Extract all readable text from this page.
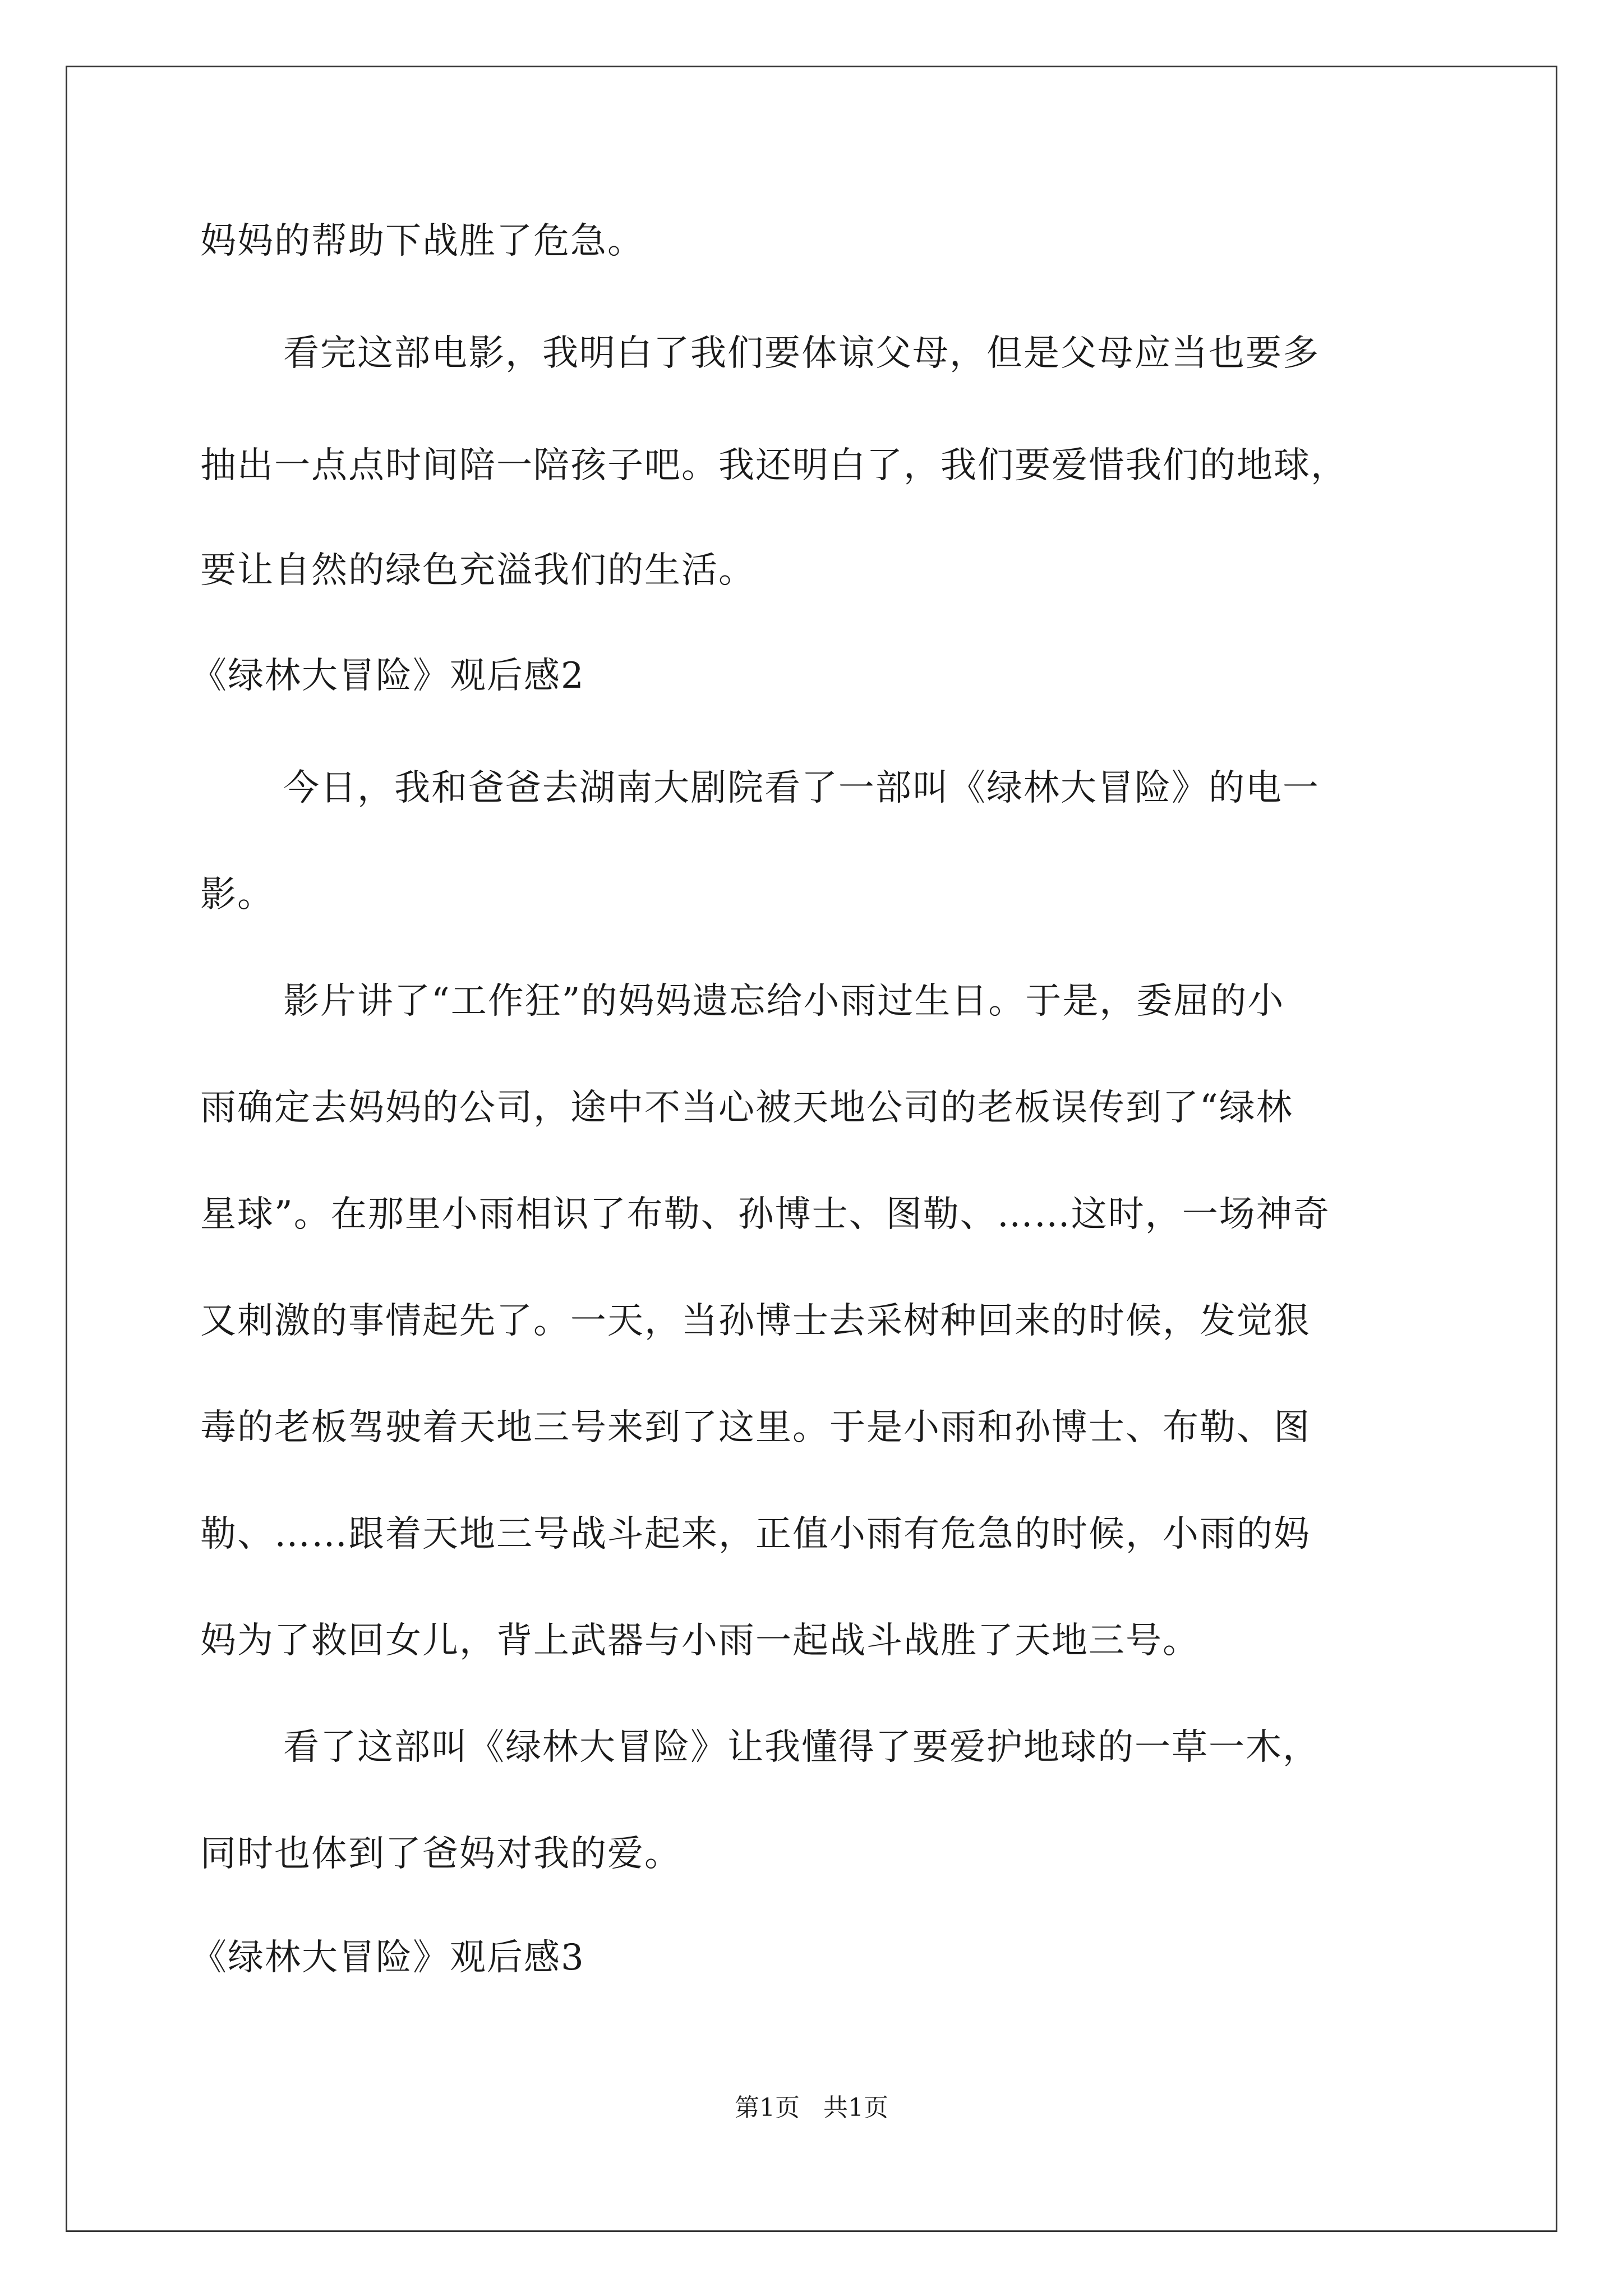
妈妈的帮助下战胜了危急。
看完这部电影，我明白了我们要体谅父母，但是父母应当也要多
抽出一点点时间陪一陪孩子吧。我还明白了，我们要爱惜我们的地球，
要让自然的绿色充溢我们的生活。
《绿林大冒险》观后感2
今日，我和爸爸去湖南大剧院看了一部叫《绿林大冒险》的电一
影。
影片讲了“工作狂”的妈妈遗忘给小雨过生日。于是，委屈的小
雨确定去妈妈的公司，途中不当心被天地公司的老板误传到了“绿林
星球”。在那里小雨相识了布勒、孙博士、图勒、……这时，一场神奇
又刺激的事情起先了。一天，当孙博士去采树种回来的时候，发觉狠
毒的老板驾驶着天地三号来到了这里。于是小雨和孙博士、布勒、图
勒、……跟着天地三号战斗起来，正值小雨有危急的时候，小雨的妈
妈为了救回女儿，背上武器与小雨一起战斗战胜了天地三号。
看了这部叫《绿林大冒险》让我懂得了要爱护地球的一草一木，
同时也体到了爸妈对我的爱。
《绿林大冒险》观后感3
第1页   共1页
